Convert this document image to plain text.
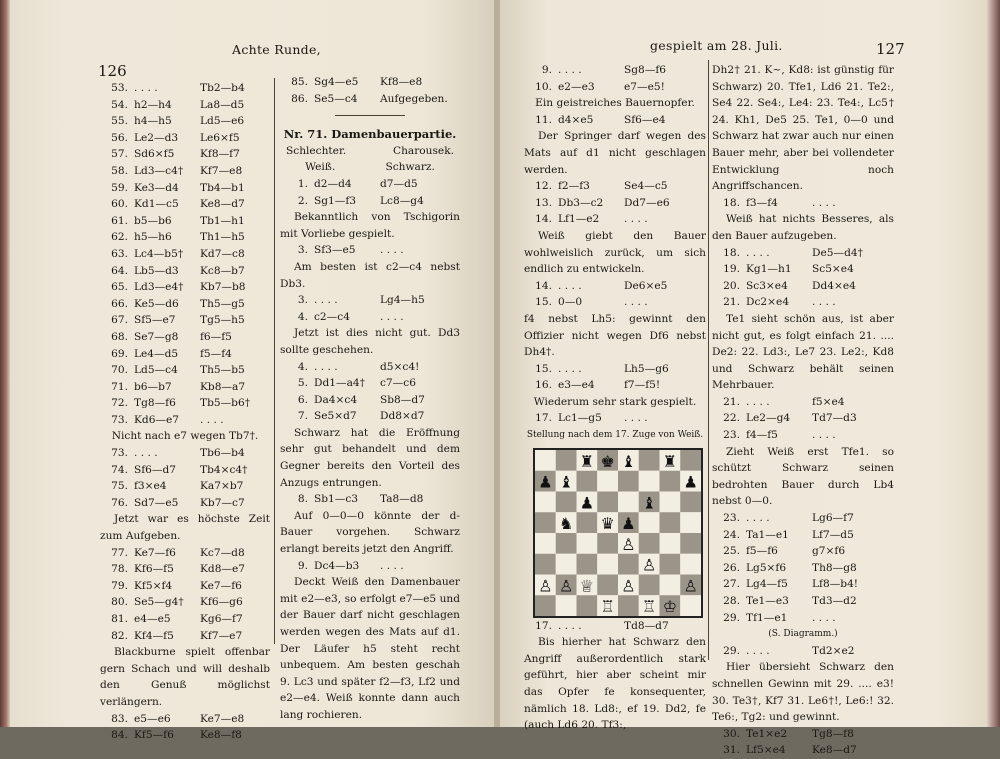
Achte Runde,
126
53. . . . .	Tb2—b4
54. h2—h4	La8—d5
55. h4—h5	Ld5—e6
56. Le2—d3	Le6×f5
57. Sd6×f5	Kf8—f7
58. Ld3—c4†	Kf7—e8
59. Ke3—d4	Tb4—b1
60. Kd1—c5	Ke8—d7
61. b5—b6	Tb1—h1
62. h5—h6	Th1—h5
63. Lc4—b5†	Kd7—c8
64. Lb5—d3	Kc8—b7
65. Ld3—e4†	Kb7—b8
66. Ke5—d6	Th5—g5
67. Sf5—e7	Tg5—h5
68. Se7—g8	f6—f5
69. Le4—d5	f5—f4
70. Ld5—c4	Th5—b5
71. b6—b7	Kb8—a7
72. Tg8—f6	Tb5—b6†
73. Kd6—e7	. . . .
Nicht nach e7 wegen Tb7†.
73. . . . .	Tb6—b4
74. Sf6—d7	Tb4×c4†
75. f3×e4	Ka7×b7
76. Sd7—e5	Kb7—c7
Jetzt war es höchste Zeit zum Aufgeben.
77. Ke7—f6	Kc7—d8
78. Kf6—f5	Kd8—e7
79. Kf5×f4	Ke7—f6
80. Se5—g4†	Kf6—g6
81. e4—e5	Kg6—f7
82. Kf4—f5	Kf7—e7
Blackburne spielt offenbar gern Schach und will deshalb den Genuß möglichst verlängern.
83. e5—e6	Ke7—e8
84. Kf5—f6	Ke8—f8
85. Sg4—e5	Kf8—e8
86. Se5—c4	Aufgegeben.
Nr. 71. Damenbauerpartie.
Schlechter.	Charousek.
Weiß.	Schwarz.
1. d2—d4	d7—d5
2. Sg1—f3	Lc8—g4
Bekanntlich von Tschigorin mit Vorliebe gespielt.
3. Sf3—e5	. . . .
Am besten ist c2—c4 nebst Db3.
3. . . . .	Lg4—h5
4. c2—c4	. . . .
Jetzt ist dies nicht gut. Dd3 sollte geschehen.
4. . . . .	d5×c4!
5. Dd1—a4†	c7—c6
6. Da4×c4	Sb8—d7
7. Se5×d7	Dd8×d7
Schwarz hat die Eröffnung sehr gut behandelt und dem Gegner bereits den Vorteil des Anzugs entrungen.
8. Sb1—c3	Ta8—d8
Auf 0—0—0 könnte der d-Bauer vorgehen. Schwarz erlangt bereits jetzt den Angriff.
9. Dc4—b3	. . . .
Deckt Weiß den Damenbauer mit e2—e3, so erfolgt e7—e5 und der Bauer darf nicht geschlagen werden wegen des Mats auf d1. Der Läufer h5 steht recht unbequem. Am besten geschah 9. Lc3 und später f2—f3, Lf2 und e2—e4. Weiß konnte dann auch lang rochieren.
gespielt am 28. Juli.	127
9. . . . .	Sg8—f6
10. e2—e3	e7—e5!
Ein geistreiches Bauernopfer.
11. d4×e5	Sf6—e4
Der Springer darf wegen des Mats auf d1 nicht geschlagen werden.
12. f2—f3	Se4—c5
13. Db3—c2	Dd7—e6
14. Lf1—e2	. . . .
Weiß giebt den Bauer wohlweislich zurück, um sich endlich zu entwickeln.
14. . . . .	De6×e5
15. 0—0	. . . .
f4 nebst Lh5: gewinnt den Offizier nicht wegen Df6 nebst Dh4†.
15. . . . .	Lh5—g6
16. e3—e4	f7—f5!
Wiederum sehr stark gespielt.
17. Lc1—g5	. . . .
Stellung nach dem 17. Zuge von Weiß.
♜ ♚ ♝ ♜
♟ ♝	♟
♟	♝
♞ ♛ ♟
♙
♙
♙ ♙ ♕ ♙	♙
♖ ♖ ♔
17. . . . .	Td8—d7
Bis hierher hat Schwarz den Angriff außerordentlich stark geführt, hier aber scheint mir das Opfer fe konsequenter, nämlich 18. Ld8:, ef 19. Dd2, fe (auch Ld6 20. Tf3:,
Dh2† 21. K~, Kd8: ist günstig für Schwarz) 20. Tfe1, Ld6 21. Te2:, Se4 22. Se4:, Le4: 23. Te4:, Lc5† 24. Kh1, De5 25. Te1, 0—0 und Schwarz hat zwar auch nur einen Bauer mehr, aber bei vollendeter Entwicklung noch Angriffschancen.
18. f3—f4	. . . .
Weiß hat nichts Besseres, als den Bauer aufzugeben.
18. . . . .	De5—d4†
19. Kg1—h1	Sc5×e4
20. Sc3×e4	Dd4×e4
21. Dc2×e4	. . . .
Te1 sieht schön aus, ist aber nicht gut, es folgt einfach 21. .... De2: 22. Ld3:, Le7 23. Le2:, Kd8 und Schwarz behält seinen Mehrbauer.
21. . . . .	f5×e4
22. Le2—g4	Td7—d3
23. f4—f5	. . . .
Zieht Weiß erst Tfe1. so schützt Schwarz seinen bedrohten Bauer durch Lb4 nebst 0—0.
23. . . . .	Lg6—f7
24. Ta1—e1	Lf7—d5
25. f5—f6	g7×f6
26. Lg5×f6	Th8—g8
27. Lg4—f5	Lf8—b4!
28. Te1—e3	Td3—d2
29. Tf1—e1	. . . .
(S. Diagramm.)
29. . . . .	Td2×e2
Hier übersieht Schwarz den schnellen Gewinn mit 29. .... e3! 30. Te3†, Kf7 31. Le6†!, Le6:! 32. Te6:, Tg2: und gewinnt.
30. Te1×e2	Tg8—f8
31. Lf5×e4	Ke8—d7
